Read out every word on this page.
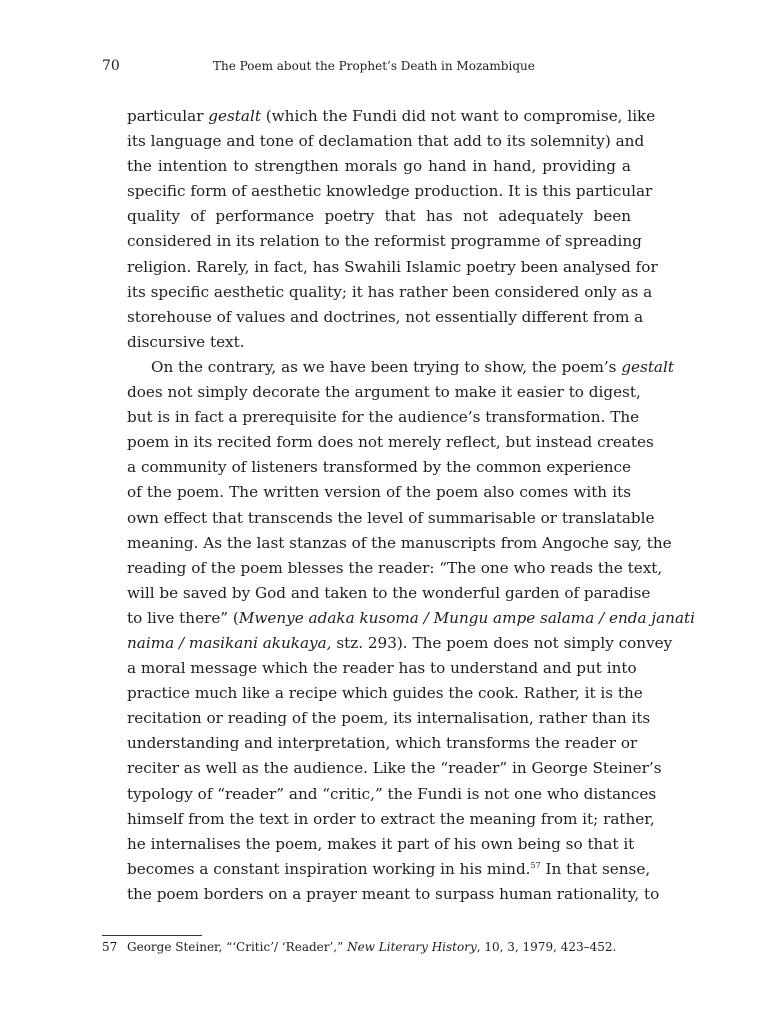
70	The Poem about the Prophet’s Death in Mozambique
particular gestalt (which the Fundi did not want to compromise, like
its language and tone of declamation that add to its solemnity) and
the intention to strengthen morals go hand in hand, providing a
specific form of aesthetic knowledge production. It is this particular
quality of performance poetry that has not adequately been
considered in its relation to the reformist programme of spreading
religion. Rarely, in fact, has Swahili Islamic poetry been analysed for
its specific aesthetic quality; it has rather been considered only as a
storehouse of values and doctrines, not essentially different from a
discursive text.
On the contrary, as we have been trying to show, the poem’s gestalt
does not simply decorate the argument to make it easier to digest,
but is in fact a prerequisite for the audience’s transformation. The
poem in its recited form does not merely reflect, but instead creates
a community of listeners transformed by the common experience
of the poem. The written version of the poem also comes with its
own effect that transcends the level of summarisable or translatable
meaning. As the last stanzas of the manuscripts from Angoche say, the
reading of the poem blesses the reader: “The one who reads the text,
will be saved by God and taken to the wonderful garden of paradise
to live there” (Mwenye adaka kusoma / Mungu ampe salama / enda janati
naima / masikani akukaya, stz. 293). The poem does not simply convey
a moral message which the reader has to understand and put into
practice much like a recipe which guides the cook. Rather, it is the
recitation or reading of the poem, its internalisation, rather than its
understanding and interpretation, which transforms the reader or
reciter as well as the audience. Like the “reader” in George Steiner’s
typology of “reader” and “critic,” the Fundi is not one who distances
himself from the text in order to extract the meaning from it; rather,
he internalises the poem, makes it part of his own being so that it
becomes a constant inspiration working in his mind.$^{57}$ In that sense,
the poem borders on a prayer meant to surpass human rationality, to
57 George Steiner, “‘Critic’/ ‘Reader’,” New Literary History, 10, 3, 1979, 423–452.
